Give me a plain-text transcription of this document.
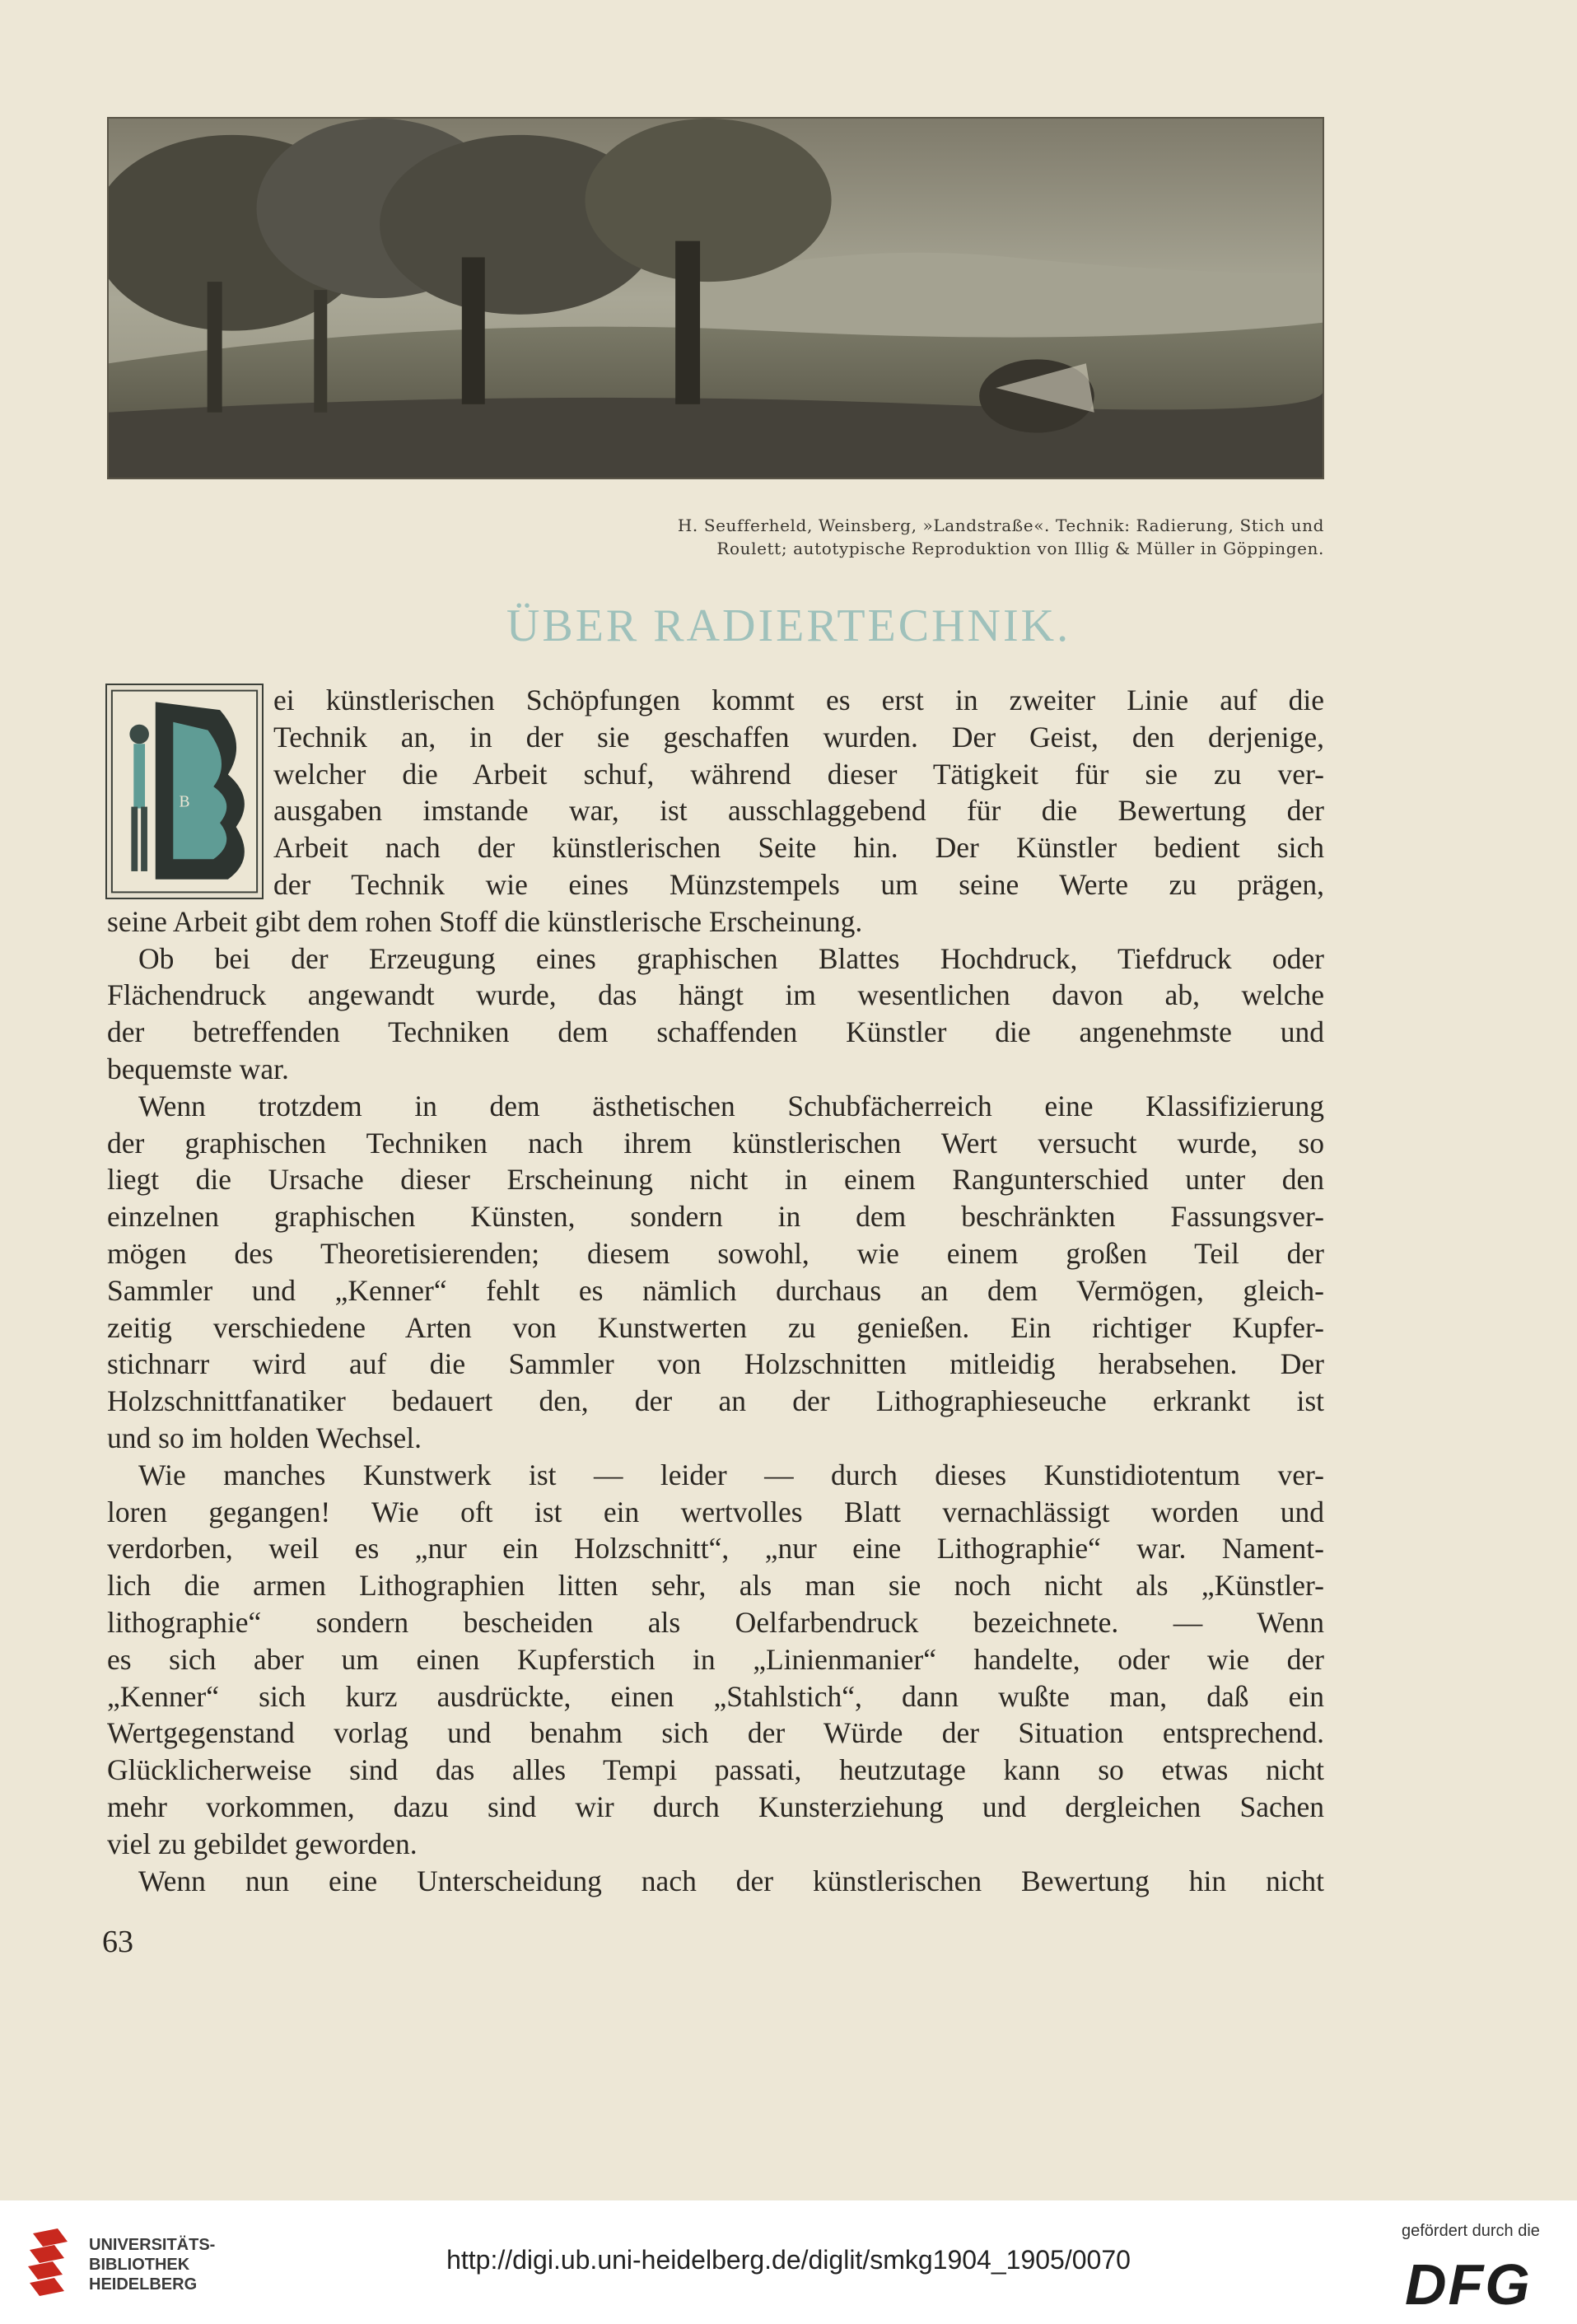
H. Seufferheld, Weinsberg, »Landstraße«. Technik: Radierung, Stich und
Roulett; autotypische Reproduktion von Illig & Müller in Göppingen.
ÜBER RADIERTECHNIK.
B
ei künstlerischen Schöpfungen kommt es erst in zweiter Linie auf die
Technik an, in der sie geschaffen wurden. Der Geist, den derjenige,
welcher die Arbeit schuf, während dieser Tätigkeit für sie zu ver-
ausgaben imstande war, ist ausschlaggebend für die Bewertung der
Arbeit nach der künstlerischen Seite hin. Der Künstler bedient sich
der Technik wie eines Münzstempels um seine Werte zu prägen,
seine Arbeit gibt dem rohen Stoff die künstlerische Erscheinung.
Ob bei der Erzeugung eines graphischen Blattes Hochdruck, Tiefdruck oder
Flächendruck angewandt wurde, das hängt im wesentlichen davon ab, welche
der betreffenden Techniken dem schaffenden Künstler die angenehmste und
bequemste war.
Wenn trotzdem in dem ästhetischen Schubfächerreich eine Klassifizierung
der graphischen Techniken nach ihrem künstlerischen Wert versucht wurde, so
liegt die Ursache dieser Erscheinung nicht in einem Rangunterschied unter den
einzelnen graphischen Künsten, sondern in dem beschränkten Fassungsver-
mögen des Theoretisierenden; diesem sowohl, wie einem großen Teil der
Sammler und „Kenner“ fehlt es nämlich durchaus an dem Vermögen, gleich-
zeitig verschiedene Arten von Kunstwerten zu genießen. Ein richtiger Kupfer-
stichnarr wird auf die Sammler von Holzschnitten mitleidig herabsehen. Der
Holzschnittfanatiker bedauert den, der an der Lithographieseuche erkrankt ist
und so im holden Wechsel.
Wie manches Kunstwerk ist — leider — durch dieses Kunstidiotentum ver-
loren gegangen! Wie oft ist ein wertvolles Blatt vernachlässigt worden und
verdorben, weil es „nur ein Holzschnitt“, „nur eine Lithographie“ war. Nament-
lich die armen Lithographien litten sehr, als man sie noch nicht als „Künstler-
lithographie“ sondern bescheiden als Oelfarbendruck bezeichnete. — Wenn
es sich aber um einen Kupferstich in „Linienmanier“ handelte, oder wie der
„Kenner“ sich kurz ausdrückte, einen „Stahlstich“, dann wußte man, daß ein
Wertgegenstand vorlag und benahm sich der Würde der Situation entsprechend.
Glücklicherweise sind das alles Tempi passati, heutzutage kann so etwas nicht
mehr vorkommen, dazu sind wir durch Kunsterziehung und dergleichen Sachen
viel zu gebildet geworden.
Wenn nun eine Unterscheidung nach der künstlerischen Bewertung hin nicht
63
UNIVERSITÄTS-
BIBLIOTHEK
HEIDELBERG
http://digi.ub.uni-heidelberg.de/diglit/smkg1904_1905/0070
gefördert durch die
DFG
